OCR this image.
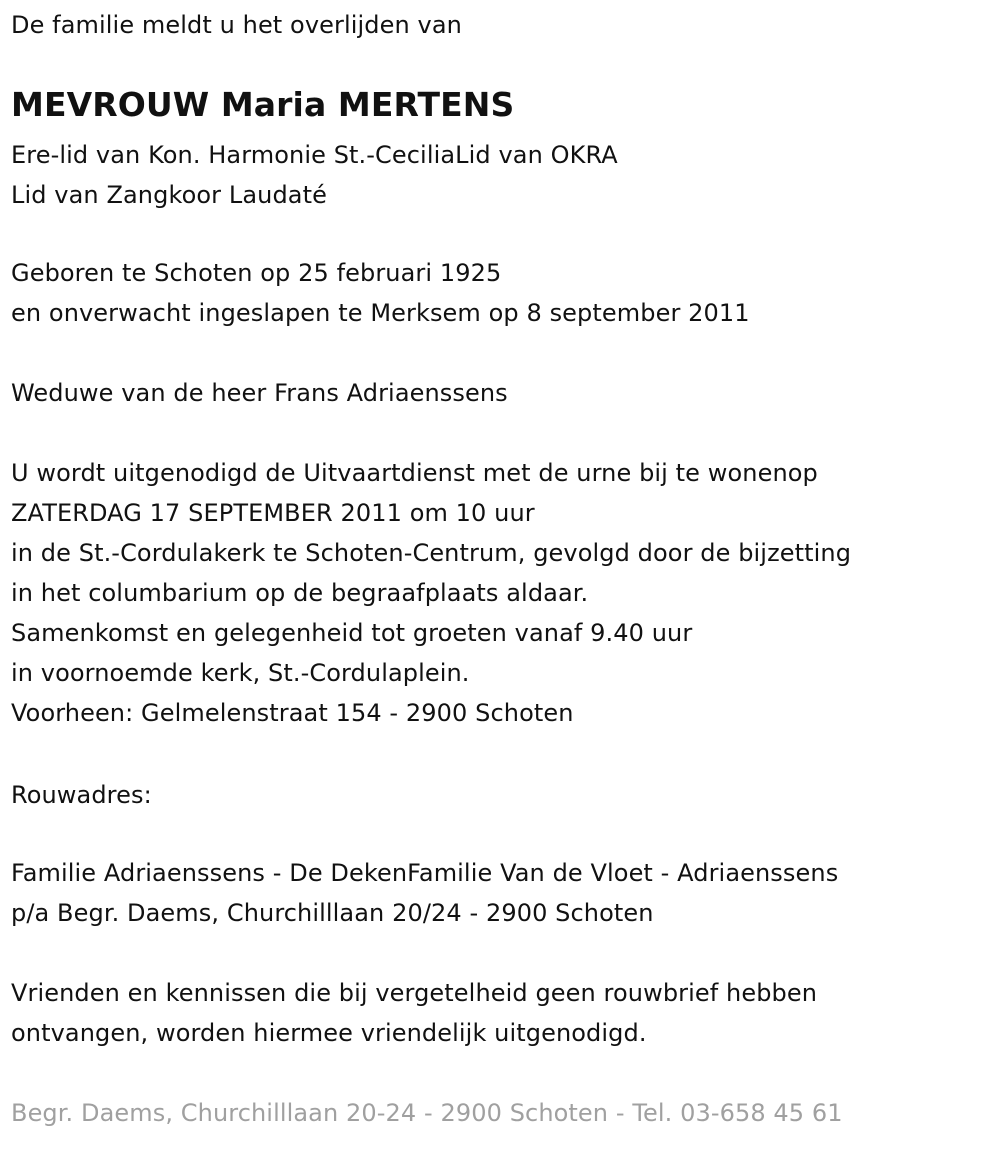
De familie meldt u het overlijden van
MEVROUW Maria MERTENS
Ere-lid van Kon. Harmonie St.-CeciliaLid van OKRA
Lid van Zangkoor Laudaté
Geboren te Schoten op 25 februari 1925
en onverwacht ingeslapen te Merksem op 8 september 2011
Weduwe van de heer Frans Adriaenssens
U wordt uitgenodigd de Uitvaartdienst met de urne bij te wonenop
ZATERDAG 17 SEPTEMBER 2011 om 10 uur
in de St.-Cordulakerk te Schoten-Centrum, gevolgd door de bijzetting
in het columbarium op de begraafplaats aldaar.
Samenkomst en gelegenheid tot groeten vanaf 9.40 uur
in voornoemde kerk, St.-Cordulaplein.
Voorheen: Gelmelenstraat 154 - 2900 Schoten
Rouwadres:
Familie Adriaenssens - De DekenFamilie Van de Vloet - Adriaenssens
p/a Begr. Daems, Churchilllaan 20/24 - 2900 Schoten
Vrienden en kennissen die bij vergetelheid geen rouwbrief hebben
ontvangen, worden hiermee vriendelijk uitgenodigd.
Begr. Daems, Churchilllaan 20-24 - 2900 Schoten - Tel. 03-658 45 61
